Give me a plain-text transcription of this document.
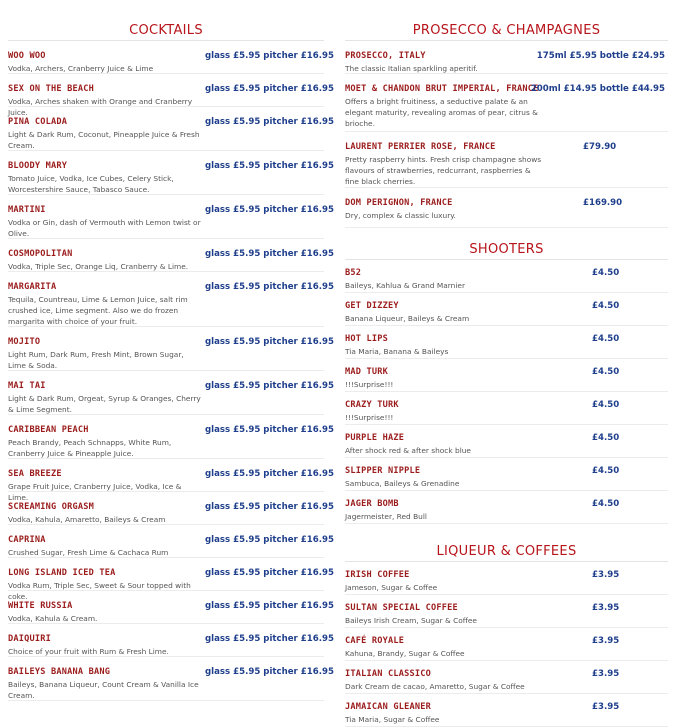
COCKTAILS
WOO WOO
Vodka, Archers, Cranberry Juice & Lime
glass £5.95 pitcher £16.95
SEX ON THE BEACH
Vodka, Arches shaken with Orange and Cranberry Juice.
glass £5.95 pitcher £16.95
PINA COLADA
Light & Dark Rum, Coconut, Pineapple Juice & Fresh Cream.
glass £5.95 pitcher £16.95
BLOODY MARY
Tomato Juice, Vodka, Ice Cubes, Celery Stick, Worcestershire Sauce, Tabasco Sauce.
glass £5.95 pitcher £16.95
MARTINI
Vodka or Gin, dash of Vermouth with Lemon twist or Olive.
glass £5.95 pitcher £16.95
COSMOPOLITAN
Vodka, Triple Sec, Orange Liq, Cranberry & Lime.
glass £5.95 pitcher £16.95
MARGARITA
Tequila, Countreau, Lime & Lemon Juice, salt rim crushed ice, Lime segment. Also we do frozen margarita with choice of your fruit.
glass £5.95 pitcher £16.95
MOJITO
Light Rum, Dark Rum, Fresh Mint, Brown Sugar, Lime & Soda.
glass £5.95 pitcher £16.95
MAI TAI
Light & Dark Rum, Orgeat, Syrup & Oranges, Cherry & Lime Segment.
glass £5.95 pitcher £16.95
CARIBBEAN PEACH
Peach Brandy, Peach Schnapps, White Rum, Cranberry Juice & Pineapple Juice.
glass £5.95 pitcher £16.95
SEA BREEZE
Grape Fruit Juice, Cranberry Juice, Vodka, Ice & Lime.
glass £5.95 pitcher £16.95
SCREAMING ORGASM
Vodka, Kahula, Amaretto, Baileys & Cream
glass £5.95 pitcher £16.95
CAPRINA
Crushed Sugar, Fresh Lime & Cachaca Rum
glass £5.95 pitcher £16.95
LONG ISLAND ICED TEA
Vodka Rum, Triple Sec, Sweet & Sour topped with coke.
glass £5.95 pitcher £16.95
WHITE RUSSIA
Vodka, Kahula & Cream.
glass £5.95 pitcher £16.95
DAIQUIRI
Choice of your fruit with Rum & Fresh Lime.
glass £5.95 pitcher £16.95
BAILEYS BANANA BANG
Baileys, Banana Liqueur, Count Cream & Vanilla Ice Cream.
glass £5.95 pitcher £16.95
PROSECCO & CHAMPAGNES
PROSECCO, ITALY
The classic Italian sparkling aperitif.
175ml £5.95 bottle £24.95
MOET & CHANDON BRUT IMPERIAL, FRANCE
Offers a bright fruitiness, a seductive palate & an elegant maturity, revealing aromas of pear, citrus & brioche.
200ml £14.95 bottle £44.95
LAURENT PERRIER ROSE, FRANCE
Pretty raspberry hints. Fresh crisp champagne shows flavours of strawberries, redcurrant, raspberries & fine black cherries.
£79.90
DOM PERIGNON, FRANCE
Dry, complex & classic luxury.
£169.90
SHOOTERS
B52
Baileys, Kahlua & Grand Marnier
£4.50
GET DIZZEY
Banana Liqueur, Baileys & Cream
£4.50
HOT LIPS
Tia Maria, Banana & Baileys
£4.50
MAD TURK
!!!Surprise!!!
£4.50
CRAZY TURK
!!!Surprise!!!
£4.50
PURPLE HAZE
After shock red & after shock blue
£4.50
SLIPPER NIPPLE
Sambuca, Baileys & Grenadine
£4.50
JAGER BOMB
Jagermeister, Red Bull
£4.50
LIQUEUR & COFFEES
IRISH COFFEE
Jameson, Sugar & Coffee
£3.95
SULTAN SPECIAL COFFEE
Baileys Irish Cream, Sugar & Coffee
£3.95
CAFÉ ROYALE
Kahuna, Brandy, Sugar & Coffee
£3.95
ITALIAN CLASSICO
Dark Cream de cacao, Amaretto, Sugar & Coffee
£3.95
JAMAICAN GLEANER
Tia Maria, Sugar & Coffee
£3.95
